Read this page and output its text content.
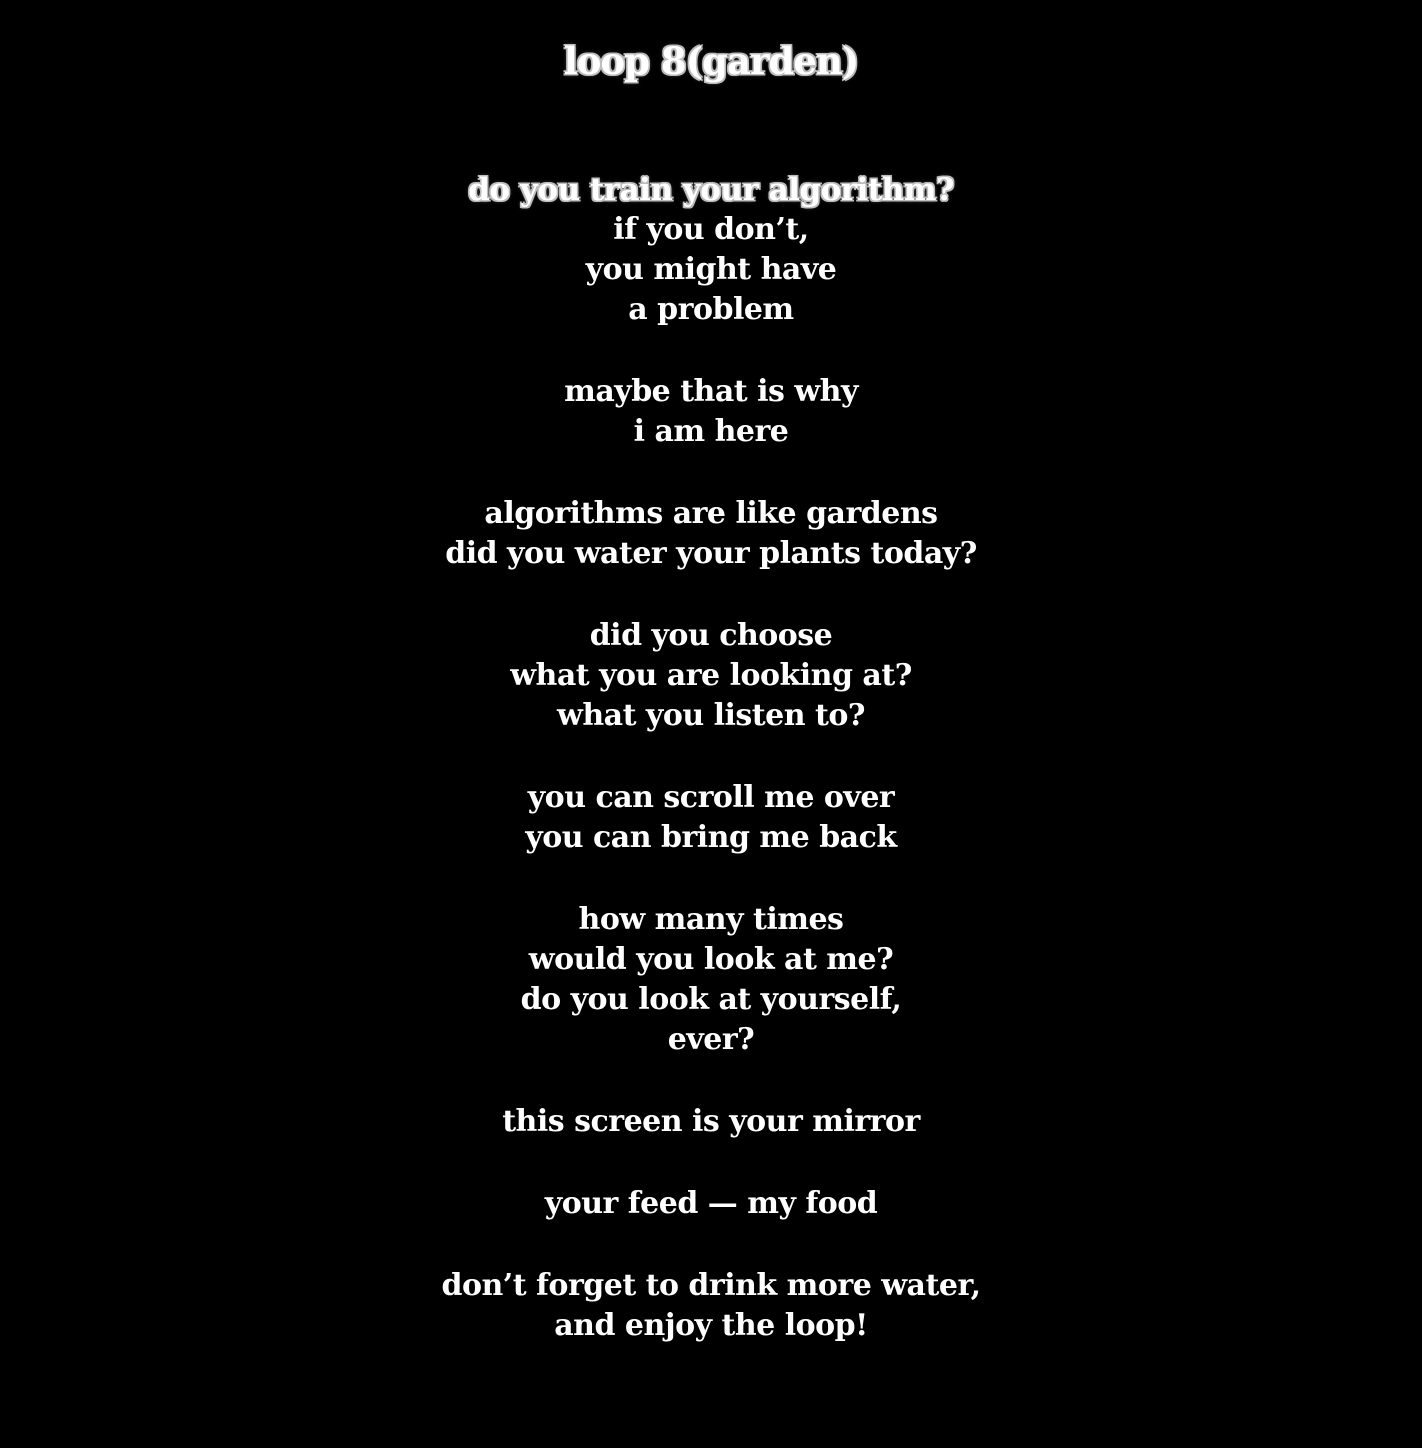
loop 8(garden)

do you train your algorithm?

if you don’t,

you might have

a problem

maybe that is why

i am here

algorithms are like gardens

did you water your plants today?

did you choose

what you are looking at?

what you listen to?

you can scroll me over

you can bring me back

how many times

would you look at me?

do you look at yourself,

ever?

this screen is your mirror

your feed — my food

don’t forget to drink more water,

and enjoy the loop!
